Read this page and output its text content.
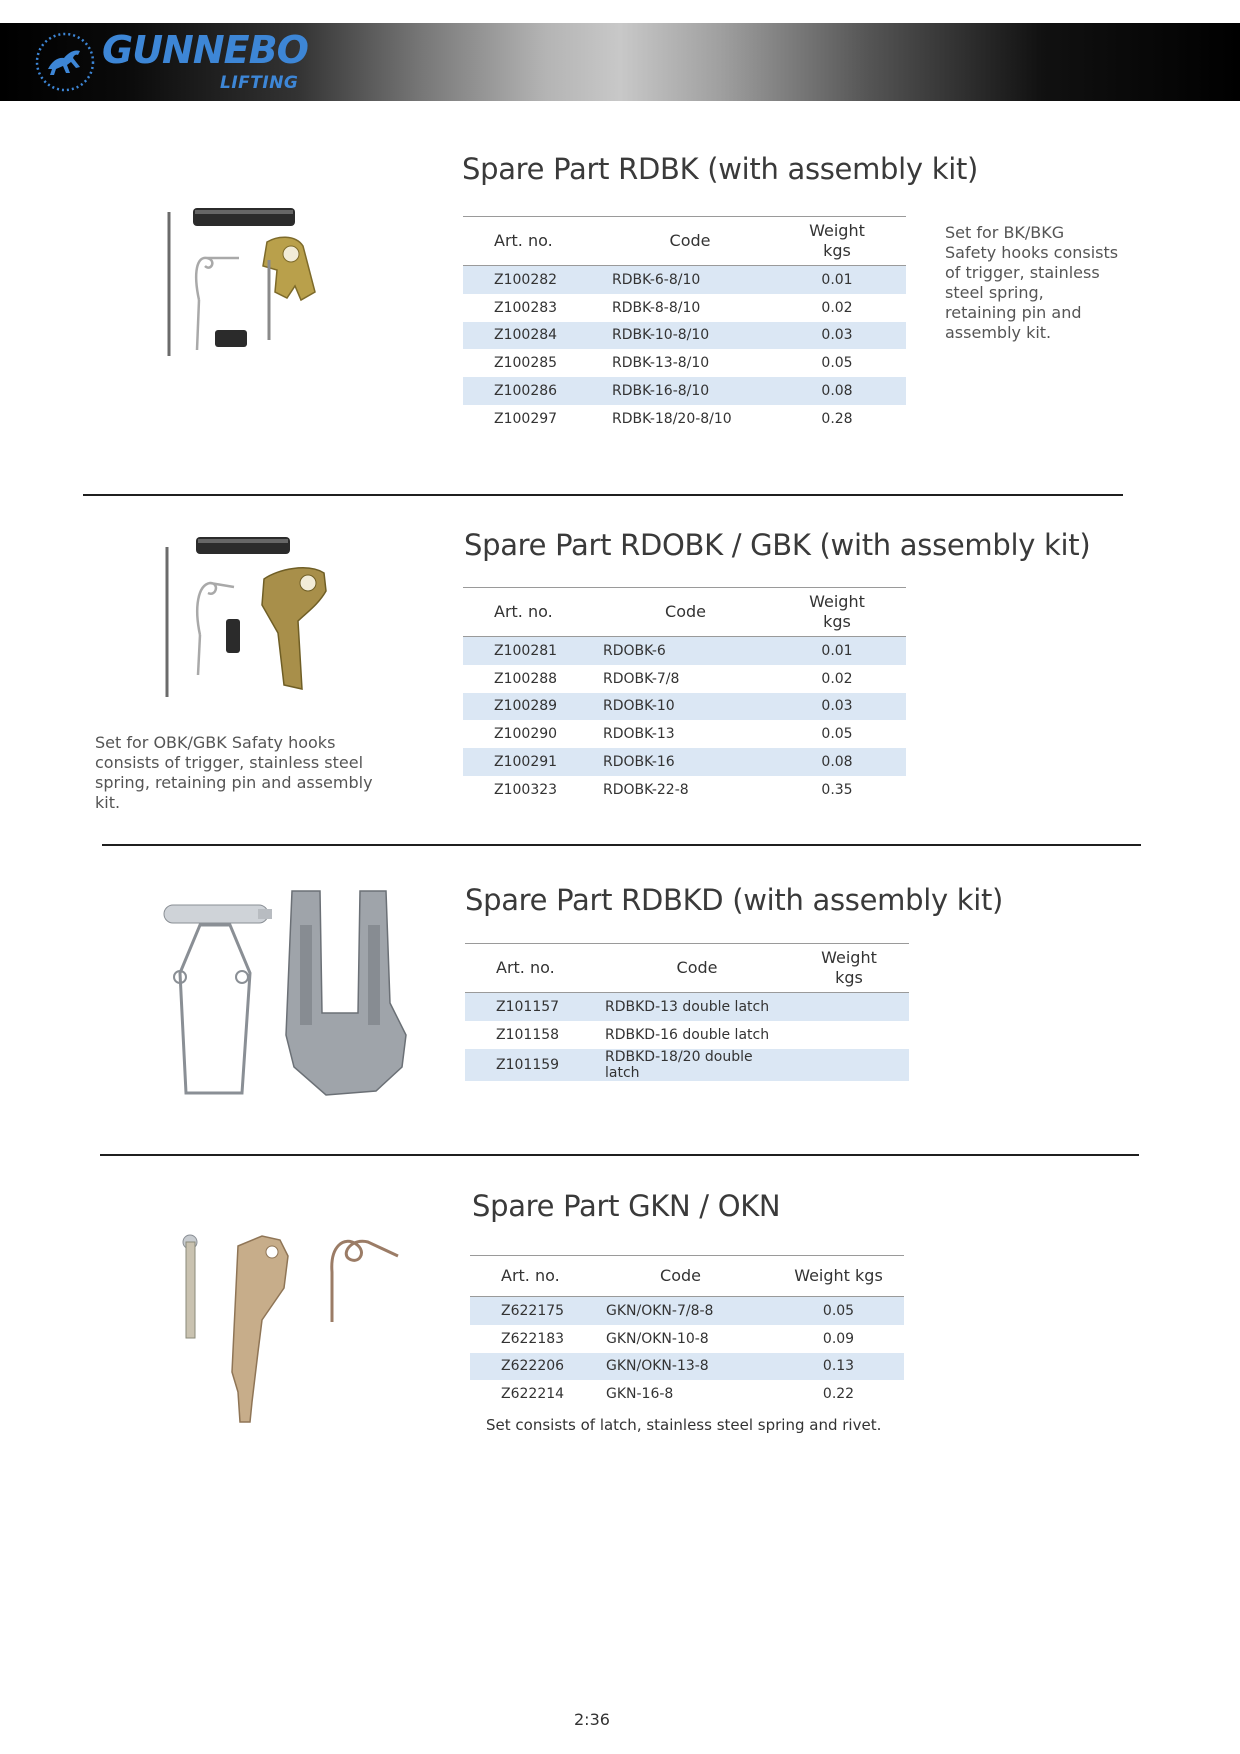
GUNNEBO
LIFTING
Spare Part RDBK (with assembly kit)
Art. no.	Code	Weight
kgs
Z100282	RDBK-6-8/10	0.01
Z100283	RDBK-8-8/10	0.02
Z100284	RDBK-10-8/10	0.03
Z100285	RDBK-13-8/10	0.05
Z100286	RDBK-16-8/10	0.08
Z100297	RDBK-18/20-8/10	0.28
Set for BK/BKG Safety hooks consists of trigger, stainless steel spring, retaining pin and assembly kit.
Spare Part RDOBK / GBK (with assembly kit)
Set for OBK/GBK Safaty hooks consists of trigger, stainless steel spring, retaining pin and assembly kit.
Art. no.	Code	Weight
kgs
Z100281	RDOBK-6	0.01
Z100288	RDOBK-7/8	0.02
Z100289	RDOBK-10	0.03
Z100290	RDOBK-13	0.05
Z100291	RDOBK-16	0.08
Z100323	RDOBK-22-8	0.35
Spare Part RDBKD (with assembly kit)
Art. no.	Code	Weight
kgs
Z101157	RDBKD-13 double latch	
Z101158	RDBKD-16 double latch	
Z101159	RDBKD-18/20 double latch	
Spare Part GKN / OKN
Art. no.	Code	Weight kgs
Z622175	GKN/OKN-7/8-8	0.05
Z622183	GKN/OKN-10-8	0.09
Z622206	GKN/OKN-13-8	0.13
Z622214	GKN-16-8	0.22
Set consists of latch, stainless steel spring and rivet.
2:36
